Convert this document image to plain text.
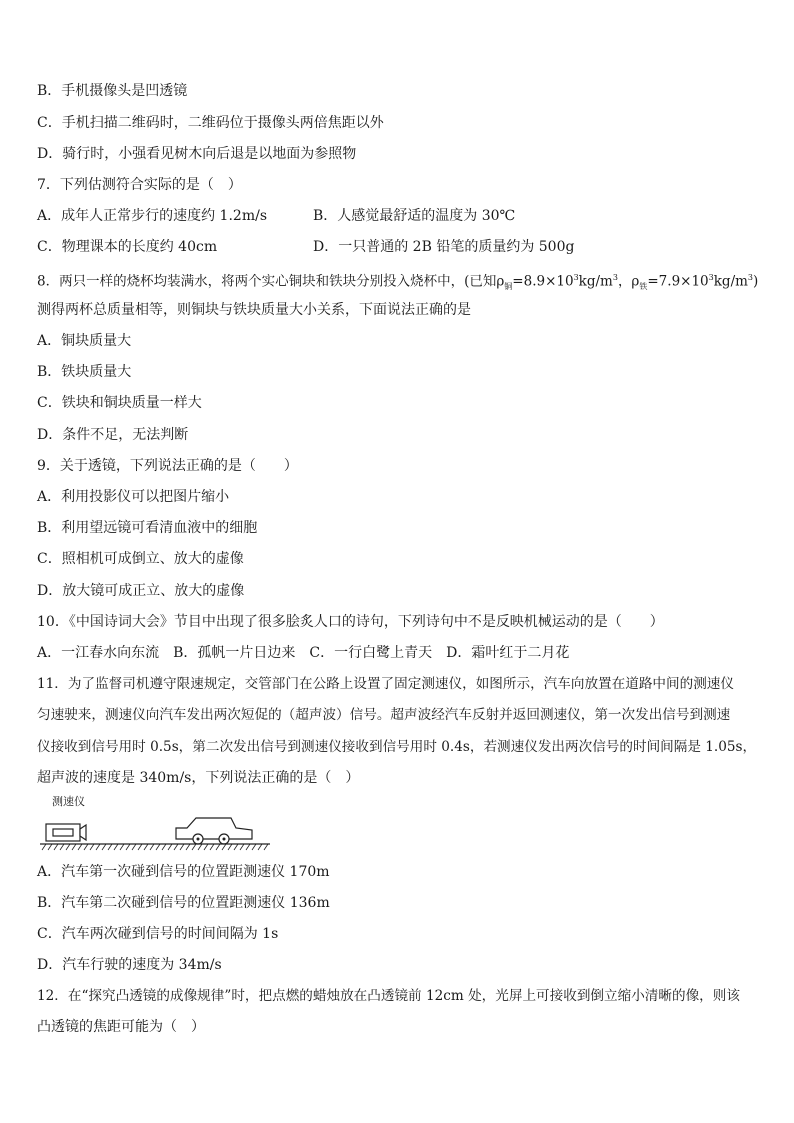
B．手机摄像头是凹透镜
C．手机扫描二维码时，二维码位于摄像头两倍焦距以外
D．骑行时，小强看见树木向后退是以地面为参照物
7．下列估测符合实际的是（　）
A．成年人正常步行的速度约 1.2m/s	B．人感觉最舒适的温度为 30℃
C．物理课本的长度约 40cm	D．一只普通的 2B 铅笔的质量约为 500g
8．两只一样的烧杯均装满水，将两个实心铜块和铁块分别投入烧杯中，(已知$\rho_铜=8.9\times 10^3kg/m^3$，$\rho_铁=7.9\times 10^3kg/m^3$)
测得两杯总质量相等，则铜块与铁块质量大小关系，下面说法正确的是
A．铜块质量大
B．铁块质量大
C．铁块和铜块质量一样大
D．条件不足，无法判断
9．关于透镜，下列说法正确的是（　　）
A．利用投影仪可以把图片缩小
B．利用望远镜可看清血液中的细胞
C．照相机可成倒立、放大的虚像
D．放大镜可成正立、放大的虚像
10．《中国诗词大会》节目中出现了很多脍炙人口的诗句，下列诗句中不是反映机械运动的是（　　）
A．一江春水向东流 B．孤帆一片日边来 C．一行白鹭上青天 D．霜叶红于二月花
11．为了监督司机遵守限速规定，交管部门在公路上设置了固定测速仪，如图所示，汽车向放置在道路中间的测速仪
匀速驶来，测速仪向汽车发出两次短促的（超声波）信号。超声波经汽车反射并返回测速仪，第一次发出信号到测速
仪接收到信号用时 0.5s，第二次发出信号到测速仪接收到信号用时 0.4s，若测速仪发出两次信号的时间间隔是 1.05s，
超声波的速度是 340m/s，下列说法正确的是（　）
测速仪
A．汽车第一次碰到信号的位置距测速仪 170m
B．汽车第二次碰到信号的位置距测速仪 136m
C．汽车两次碰到信号的时间间隔为 1s
D．汽车行驶的速度为 34m/s
12．在“探究凸透镜的成像规律”时，把点燃的蜡烛放在凸透镜前 12cm 处，光屏上可接收到倒立缩小清晰的像，则该
凸透镜的焦距可能为（　）
